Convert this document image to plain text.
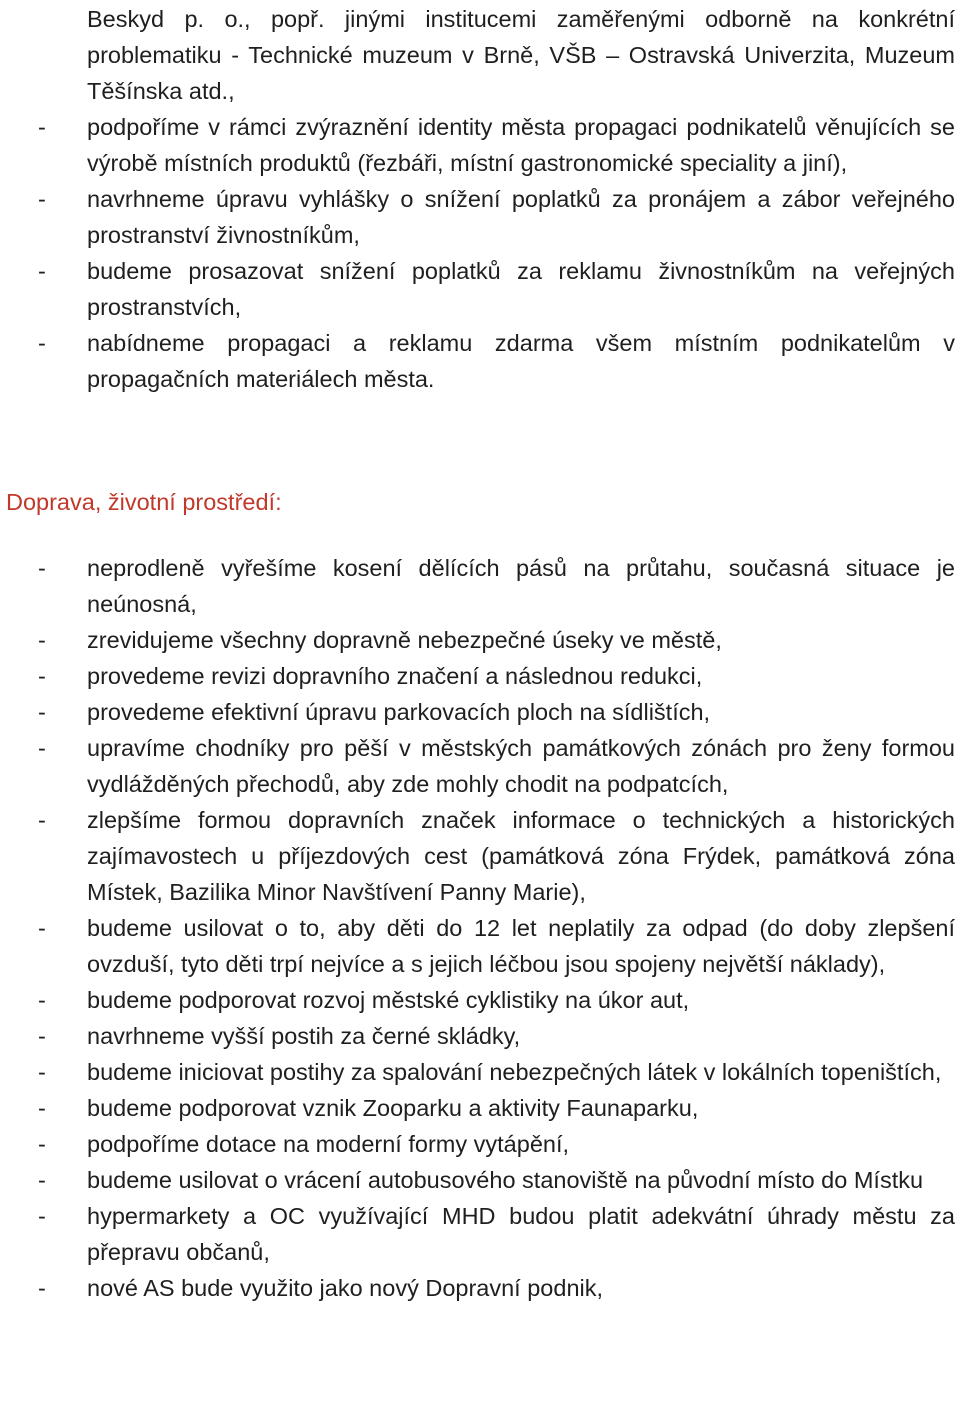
Beskyd p. o., popř. jinými institucemi zaměřenými odborně na konkrétní problematiku - Technické muzeum v Brně, VŠB – Ostravská Univerzita, Muzeum Těšínska atd.,
- podpoříme v rámci zvýraznění identity města propagaci podnikatelů věnujících se výrobě místních produktů (řezbáři, místní gastronomické speciality a jiní),
- navrhneme úpravu vyhlášky o snížení poplatků za pronájem a zábor veřejného prostranství živnostníkům,
- budeme prosazovat snížení poplatků za reklamu živnostníkům na veřejných prostranstvích,
- nabídneme propagaci a reklamu zdarma všem místním podnikatelům v propagačních materiálech města.
Doprava, životní prostředí:
- neprodleně vyřešíme kosení dělících pásů na průtahu, současná situace je neúnosná,
- zrevidujeme všechny dopravně nebezpečné úseky ve městě,
- provedeme revizi dopravního značení a následnou redukci,
- provedeme efektivní úpravu parkovacích ploch na sídlištích,
- upravíme chodníky pro pěší v městských památkových zónách pro ženy formou vydlážděných přechodů, aby zde mohly chodit na podpatcích,
- zlepšíme formou dopravních značek informace o technických a historických zajímavostech u příjezdových cest (památková zóna Frýdek, památková zóna Místek, Bazilika Minor Navštívení Panny Marie),
- budeme usilovat o to, aby děti do 12 let neplatily za odpad (do doby zlepšení ovzduší, tyto děti trpí nejvíce a s jejich léčbou jsou spojeny největší náklady),
- budeme podporovat rozvoj městské cyklistiky na úkor aut,
- navrhneme vyšší postih za černé skládky,
- budeme iniciovat postihy za spalování nebezpečných látek v lokálních topeništích,
- budeme podporovat vznik Zooparku a aktivity Faunaparku,
- podpoříme dotace na moderní formy vytápění,
- budeme usilovat o vrácení autobusového stanoviště na původní místo do Místku
- hypermarkety a OC využívající MHD budou platit adekvátní úhrady městu za přepravu občanů,
- nové AS bude využito jako nový Dopravní podnik,
